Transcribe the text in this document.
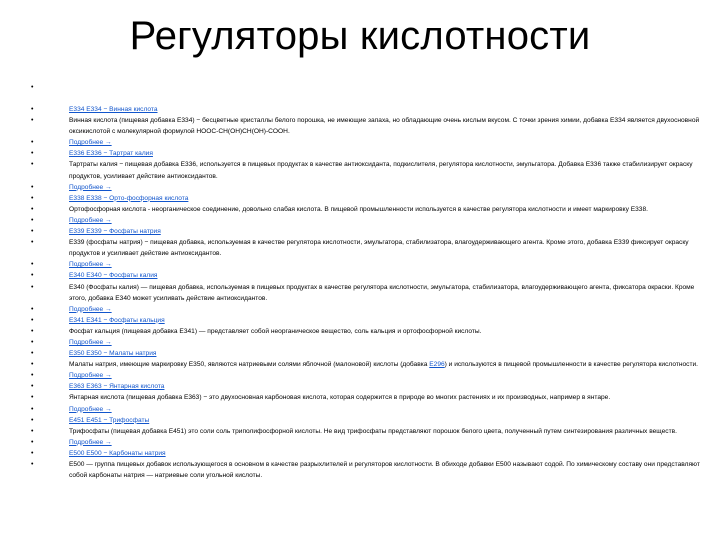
Регуляторы кислотности
•
• E334 E334 − Винная кислота
• Винная кислота (пищевая добавка Е334) − бесцветные кристаллы белого порошка, не имеющие запаха, но обладающие очень кислым вкусом. С точки зрения химии, добавка Е334 является двухосновной оксикислотой с молекулярной формулой HOOC-CH(OH)CH(OH)-COOH.
• Подробнее →
• E336 E336 − Тартрат калия
• Тартраты калия − пищевая добавка Е336, используется в пищевых продуктах в качестве антиоксиданта, подкислителя, регулятора кислотности, эмульгатора. Добавка Е336 также стабилизирует окраску продуктов, усиливает действие антиоксидантов.
• Подробнее →
• E338 E338 − Орто-фосфорная кислота
• Ортофосфорная кислота - неорганическое соединение, довольно слабая кислота. В пищевой промышленности используется в качестве регулятора кислотности и имеет маркировку Е338.
• Подробнее →
• E339 E339 − Фосфаты натрия
• Е339 (фосфаты натрия) − пищевая добавка, используемая в качестве регулятора кислотности, эмульгатора, стабилизатора, влагоудерживающего агента. Кроме этого, добавка Е339 фиксирует окраску продуктов и усиливает действие антиоксидантов.
• Подробнее →
• E340 E340 − Фосфаты калия
• Е340 (Фосфаты калия) — пищевая добавка, используемая в пищевых продуктах в качестве регулятора кислотности, эмульгатора, стабилизатора, влагоудерживающего агента, фиксатора окраски. Кроме этого, добавка Е340 может усиливать действие антиоксидантов.
• Подробнее →
• E341 E341 − Фосфаты кальция
• Фосфат кальция (пищевая добавка Е341) — представляет собой неорганическое вещество, соль кальция и ортофосфорной кислоты.
• Подробнее →
• E350 E350 − Малаты натрия
• Малаты натрия, имеющие маркировку Е350, являются натриевыми солями яблочной (малоновой) кислоты (добавка Е296) и используются в пищевой промышленности в качестве регулятора кислотности.
• Подробнее →
• E363 E363 − Янтарная кислота
• Янтарная кислота (пищевая добавка Е363) − это двухосновная карбоновая кислота, которая содержится в природе во многих растениях и их производных, например в янтаре.
• Подробнее →
• E451 E451 − Трифосфаты
• Трифосфаты (пищевая добавка Е451) это соли соль триполифосфорной кислоты. Не вид трифосфаты представляют порошок белого цвета, полученный путем синтезирования различных веществ.
• Подробнее →
• E500 E500 − Карбонаты натрия
• Е500 — группа пищевых добавок использующегося в основном в качестве разрыхлителей и регуляторов кислотности. В обиходе добавки Е500 называют содой. По химическому составу они представляют собой карбонаты натрия — натриевые соли угольной кислоты.
